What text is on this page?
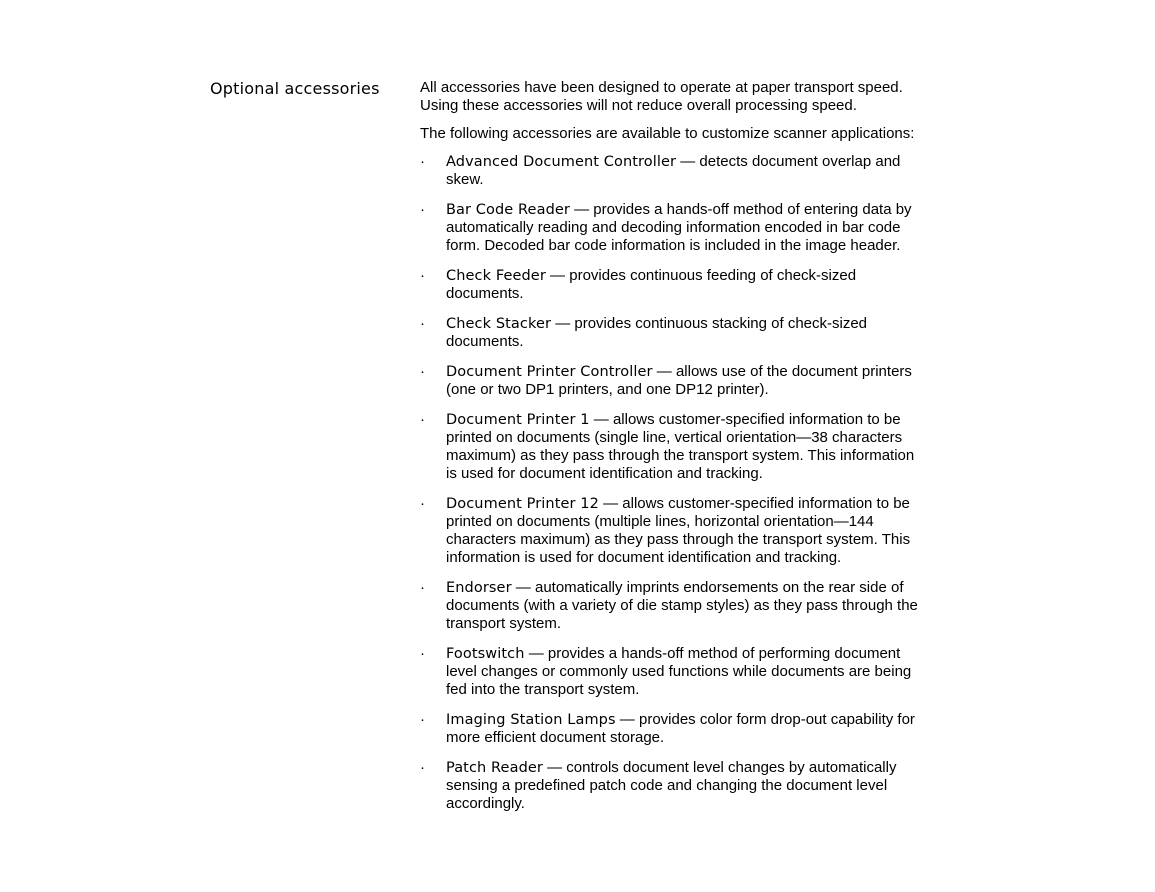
Optional accessories	All accessories have been designed to operate at paper transport speed.
Using these accessories will not reduce overall processing speed.

The following accessories are available to customize scanner applications:

·	Advanced Document Controller — detects document overlap and skew.
·	Bar Code Reader — provides a hands-off method of entering data by automatically reading and decoding information encoded in bar code form. Decoded bar code information is included in the image header.
·	Check Feeder — provides continuous feeding of check-sized documents.
·	Check Stacker — provides continuous stacking of check-sized documents.
·	Document Printer Controller — allows use of the document printers (one or two DP1 printers, and one DP12 printer).
·	Document Printer 1 — allows customer-specified information to be printed on documents (single line, vertical orientation—38 characters maximum) as they pass through the transport system. This information is used for document identification and tracking.
·	Document Printer 12 — allows customer-specified information to be printed on documents (multiple lines, horizontal orientation—144 characters maximum) as they pass through the transport system. This information is used for document identification and tracking.
·	Endorser — automatically imprints endorsements on the rear side of documents (with a variety of die stamp styles) as they pass through the transport system.
·	Footswitch — provides a hands-off method of performing document level changes or commonly used functions while documents are being fed into the transport system.
·	Imaging Station Lamps — provides color form drop-out capability for more efficient document storage.
·	Patch Reader — controls document level changes by automatically sensing a predefined patch code and changing the document level accordingly.
